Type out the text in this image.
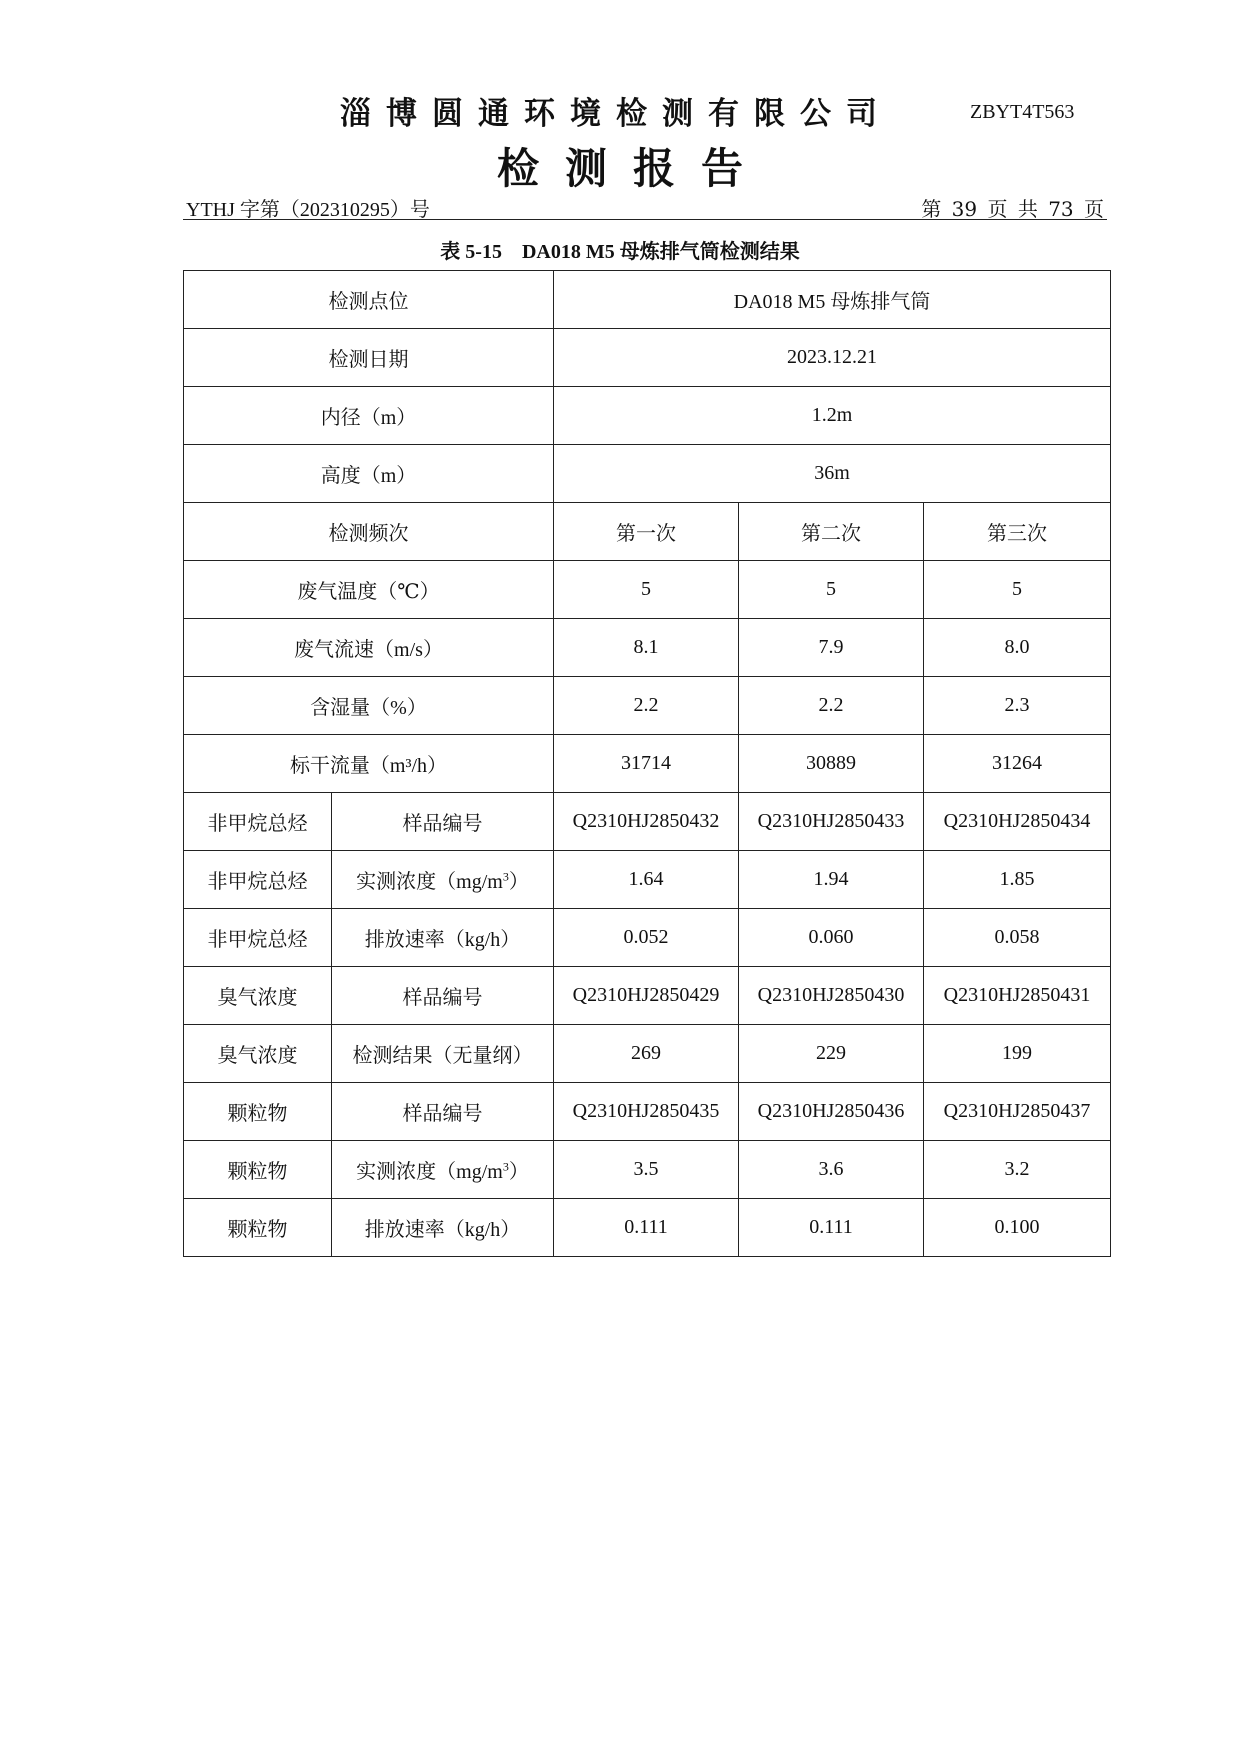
淄博圆通环境检测有限公司	ZBYT4T563
检测报告
YTHJ 字第（202310295）号	第 39 页 共 73 页
表 5-15　DA018 M5 母炼排气筒检测结果
检测点位		DA018 M5 母炼排气筒		
检测日期		2023.12.21		
内径（m）		1.2m		
高度（m）		36m		
检测频次		第一次	第二次	第三次
废气温度（℃）		5	5	5
废气流速（m/s）		8.1	7.9	8.0
含湿量（%）		2.2	2.2	2.3
标干流量（m³/h）		31714	30889	31264
非甲烷总烃	样品编号	Q2310HJ2850432	Q2310HJ2850433	Q2310HJ2850434
非甲烷总烃	实测浓度$(mg/m^3)$	1.64	1.94	1.85
非甲烷总烃	排放速率（kg/h）	0.052	0.060	0.058
臭气浓度	样品编号	Q2310HJ2850429	Q2310HJ2850430	Q2310HJ2850431
臭气浓度	检测结果（无量纲）	269	229	199
颗粒物	样品编号	Q2310HJ2850435	Q2310HJ2850436	Q2310HJ2850437
颗粒物	实测浓度$(mg/m^3)$	3.5	3.6	3.2
颗粒物	排放速率（kg/h）	0.111	0.111	0.100
